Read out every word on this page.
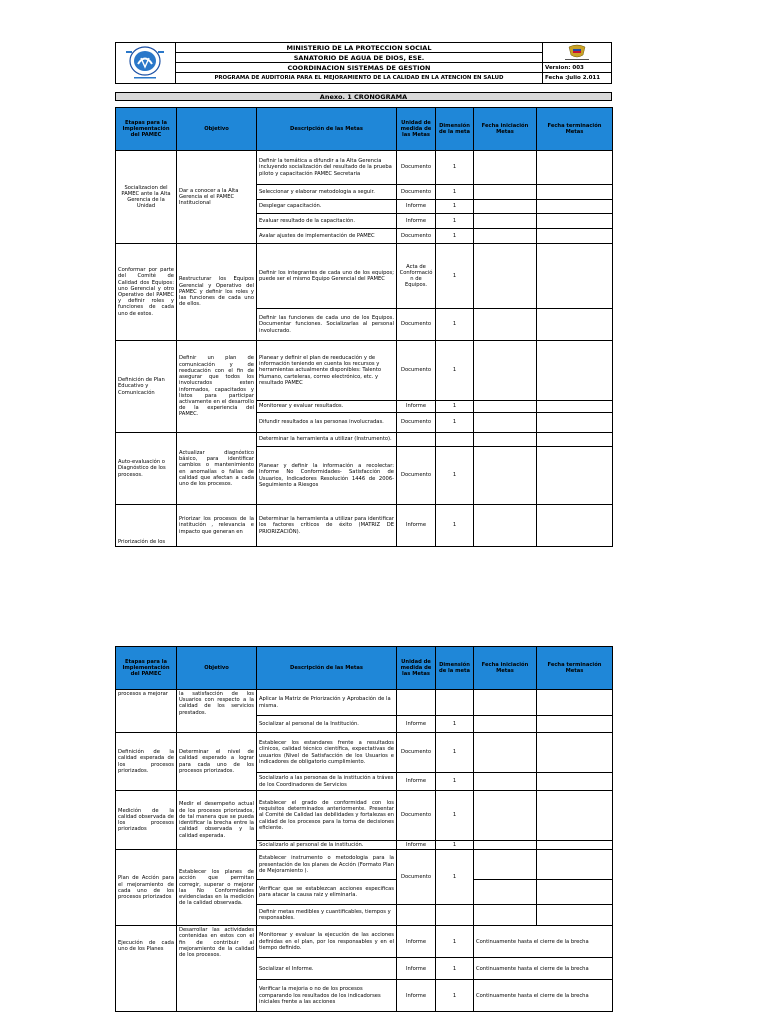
MINISTERIO DE LA PROTECCION SOCIAL
SANATORIO DE AGUA DE DIOS, ESE.
COORDINACION SISTEMAS DE GESTION
PROGRAMA DE AUDITORIA PARA EL MEJORAMIENTO DE LA CALIDAD EN LA ATENCION EN SALUD
Version: 003
Fecha :Julio 2.011
Anexo. 1 CRONOGRAMA
Etapas para la Implementación del PAMEC	Objetivo	Descripción de las Metas	Unidad de medida de las Metas	Dimensión de la meta	Fecha iniciación Metas	Fecha terminación Metas
Socializacion del PAMEC ante la Alta Gerencia de la Unidad	Dar a conocer a la Alta Gerencia el el PAMEC Institucional	Definir la temática a difundir a la Alta Gerencia incluyendo socialización del resultado de la prueba piloto y capacitación PAMEC Secretaria	Documento	1		
		Seleccionar y elaborar metodologia a seguir.	Documento	1		
		Desplegar capacitación.	Informe	1		
		Evaluar resultado de la capacitación.	Informe	1		
		Avalar ajustes de implementación de PAMEC	Documento	1		
Conformar por parte del Comité de Calidad dos Equipos: uno Gerencial y otro Operativo del PAMEC y definir roles y funciones de cada uno de estos.	Restructurar los Equipos Gerencial y Operativo del PAMEC y definir los roles y las funciones de cada uno de ellos.	Definir los integrantes de cada uno de los equipos; puede ser el mismo Equipo Gerencial del PAMEC	Acta de Conformación de Equipos.	1		
		Definir las funciones de cada uno de los Equipos. Documentar funciones. Socializarlas al personal involucrado.	Documento	1		
Definición de Plan Educativo y Comunicación	Definir un plan de comunicación y de reeducación con el fin de asegurar que todos los involucrados esten informados, capacitados y listos para participar activamente en el desarrollo de la experiencia del PAMEC.	Planear y definir el plan de reeducación y de información teniendo en cuenta los recursos y herramientas actualmente disponibles: Talento Humano, carteleras, correo electrónico, etc. y resultado PAMEC	Documento	1		
		Monitorear y evaluar resultados.	Informe	1		
		Difundir resultados a las personas involucradas.	Documento	1		
Auto-evaluación o Diagnóstico de los procesos.	Actualizar diagnóstico básico, para identificar cambios o mantenimiento en anomalías o fallas de calidad que afectan a cada uno de los procesos.	Determinar la herramienta a utilizar (Instrumento).				
		Planear y definir la información a recolectar: Informe No Conformidades- Satisfacción de Usuarios, Indicadores Resolución 1446 de 2006-Seguimiento a Riesgos	Documento	1		
Priorización de los	Priorizar los procesos de la institución , relevancia e impacto que generan en	Determinar la herramienta a utilizar para identificar los factores críticos de éxito (MATRIZ DE PRIORIZACIÓN).	Informe	1		
Etapas para la Implementación del PAMEC	Objetivo	Descripción de las Metas	Unidad de medida de las Metas	Dimensión de la meta	Fecha iniciación Metas	Fecha terminación Metas
procesos a mejorar	la satisfacción de los Usuarios con respecto a la calidad de los servicios prestados.	Aplicar la Matriz de Priorización y Aprobación de la misma.				
		Socializar al personal de la Institución.	Informe	1		
Definición de la calidad esperada de los procesos priorizados.	Determinar el nivel de calidad esperado a lograr para cada uno de los procesos priorizados.	Establecer los estandares frente a resultados clinicos, calidad técnico científica, expectativas de usuarios (Nivel de Satisfacción de los Usuarios e indicadores de obligatorio cumplimiento.	Documento	1		
		Socializarlo a las personas de la institución a tráves de los Coordinadores de Servicios	Informe	1		
Medición de la calidad observada de los procesos priorizados	Medir el desempeño actual de los procesos priorizados, de tal manera que se pueda identificar la brecha entre la calidad observada y la calidad esperada.	Establecer el grado de conformidad con los requisitos determinados anteriormente. Presentar al Comité de Calidad las debilidades y fortalezas en calidad de los procesos para la toma de decisiones eficiente.	Documento	1		
		Socializarlo al personal de la institución.	Informe	1		
Plan de Acción para el mejoramiento de cada uno de los procesos priorizados	Establecer los planes de acción que permitan corregir, superar o mejorar las No Conformidades evidenciadas en la medición de la calidad observada.	Establecer instrumento o metodologia para la presentación de los planes de Acción (Formato Plan de Mejoramiento ).	Documento	1		
		Verificar que se establezcan acciones especificas para atacar la causa raiz y eliminarla.				
		Definir metas medibles y cuantificables, tiempos y responsables.				
Ejecución de cada uno de los Planes	Desarrollar las actividades contenidas en estos con el fin de contribuir al mejoramiento de la calidad de los procesos.	Monitorear y evaluar la ejecución de las acciones definidas en el plan, por los responsables y en el tiempo definido.	Informe	1	Continuamente hasta el cierre de la brecha	
		Socializar el Informe.	Informe	1	Continuamente hasta el cierre de la brecha	
		Verificar la mejoria o no de los procesos comparando los resultados de los indicadorses iniciales frente a las acciones	Informe	1	Continuamente hasta el cierre de la brecha	
